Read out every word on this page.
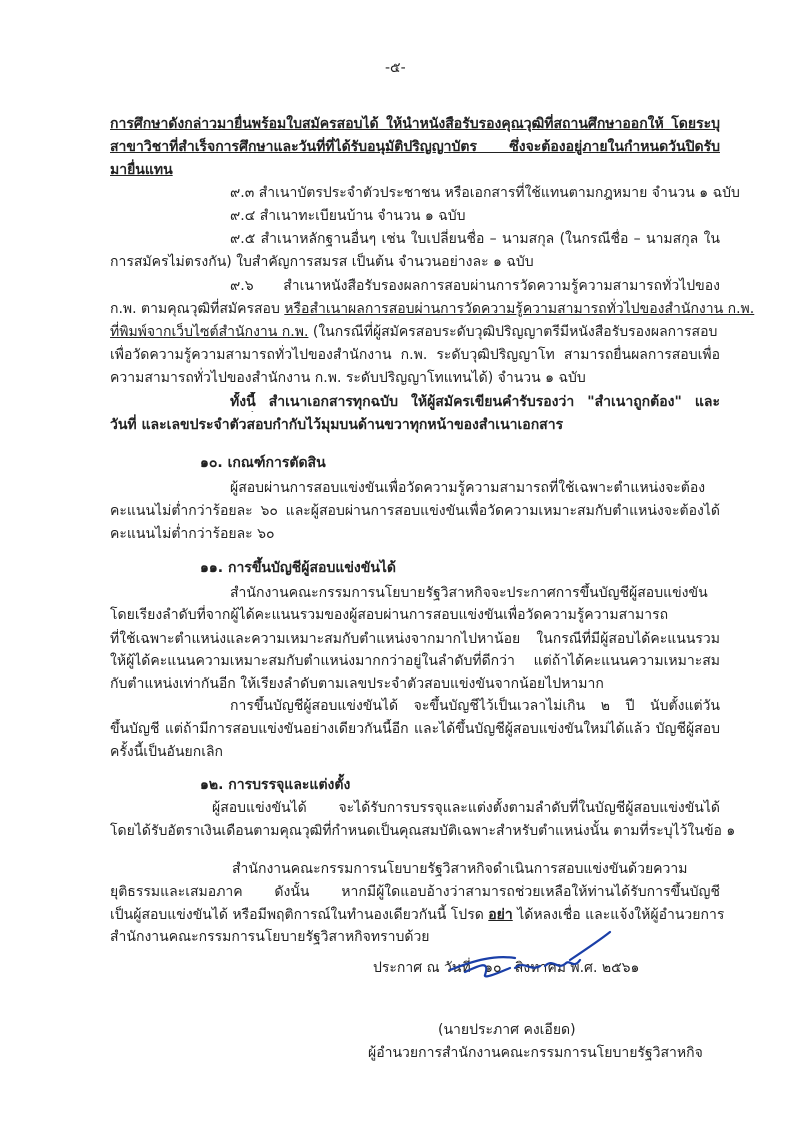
-๕-
การศึกษาดังกล่าวมายื่นพร้อมใบสมัครสอบได้ ให้นำหนังสือรับรองคุณวุฒิที่สถานศึกษาออกให้ โดยระบุ
สาขาวิชาที่สำเร็จการศึกษาและวันที่ที่ได้รับอนุมัติปริญญาบัตร ซึ่งจะต้องอยู่ภายในกำหนดวันปิดรับ
มายื่นแทน
๙.๓ สำเนาบัตรประจำตัวประชาชน หรือเอกสารที่ใช้แทนตามกฎหมาย จำนวน ๑ ฉบับ
๙.๔ สำเนาทะเบียนบ้าน จำนวน ๑ ฉบับ
๙.๕ สำเนาหลักฐานอื่นๆ เช่น ใบเปลี่ยนชื่อ – นามสกุล (ในกรณีชื่อ – นามสกุล ใน
การสมัครไม่ตรงกัน) ใบสำคัญการสมรส เป็นต้น จำนวนอย่างละ ๑ ฉบับ
๙.๖ สำเนาหนังสือรับรองผลการสอบผ่านการวัดความรู้ความสามารถทั่วไปของ
ก.พ. ตามคุณวุฒิที่สมัครสอบ หรือสำเนาผลการสอบผ่านการวัดความรู้ความสามารถทั่วไปของสำนักงาน ก.พ.
ที่พิมพ์จากเว็บไซต์สำนักงาน ก.พ. (ในกรณีที่ผู้สมัครสอบระดับวุฒิปริญญาตรีมีหนังสือรับรองผลการสอบ
เพื่อวัดความรู้ความสามารถทั่วไปของสำนักงาน ก.พ. ระดับวุฒิปริญญาโท สามารถยื่นผลการสอบเพื่อ
ความสามารถทั่วไปของสำนักงาน ก.พ. ระดับปริญญาโทแทนได้) จำนวน ๑ ฉบับ
ทั้งนี้ สำเนาเอกสารทุกฉบับ ให้ผู้สมัครเขียนคำรับรองว่า "สำเนาถูกต้อง" และ
วันที่ และเลขประจำตัวสอบกำกับไว้มุมบนด้านขวาทุกหน้าของสำเนาเอกสาร
๑๐. เกณฑ์การตัดสิน
ผู้สอบผ่านการสอบแข่งขันเพื่อวัดความรู้ความสามารถที่ใช้เฉพาะตำแหน่งจะต้อง
คะแนนไม่ต่ำกว่าร้อยละ ๖๐ และผู้สอบผ่านการสอบแข่งขันเพื่อวัดความเหมาะสมกับตำแหน่งจะต้องได้
คะแนนไม่ต่ำกว่าร้อยละ ๖๐
๑๑. การขึ้นบัญชีผู้สอบแข่งขันได้
สำนักงานคณะกรรมการนโยบายรัฐวิสาหกิจจะประกาศการขึ้นบัญชีผู้สอบแข่งขัน
โดยเรียงลำดับที่จากผู้ได้คะแนนรวมของผู้สอบผ่านการสอบแข่งขันเพื่อวัดความรู้ความสามารถ
ที่ใช้เฉพาะตำแหน่งและความเหมาะสมกับตำแหน่งจากมากไปหาน้อย ในกรณีที่มีผู้สอบได้คะแนนรวม
ให้ผู้ได้คะแนนความเหมาะสมกับตำแหน่งมากกว่าอยู่ในลำดับที่ดีกว่า แต่ถ้าได้คะแนนความเหมาะสม
กับตำแหน่งเท่ากันอีก ให้เรียงลำดับตามเลขประจำตัวสอบแข่งขันจากน้อยไปหามาก
การขึ้นบัญชีผู้สอบแข่งขันได้ จะขึ้นบัญชีไว้เป็นเวลาไม่เกิน ๒ ปี นับตั้งแต่วัน
ขึ้นบัญชี แต่ถ้ามีการสอบแข่งขันอย่างเดียวกันนี้อีก และได้ขึ้นบัญชีผู้สอบแข่งขันใหม่ได้แล้ว บัญชีผู้สอบ
ครั้งนี้เป็นอันยกเลิก
๑๒. การบรรจุและแต่งตั้ง
ผู้สอบแข่งขันได้ จะได้รับการบรรจุและแต่งตั้งตามลำดับที่ในบัญชีผู้สอบแข่งขันได้
โดยได้รับอัตราเงินเดือนตามคุณวุฒิที่กำหนดเป็นคุณสมบัติเฉพาะสำหรับตำแหน่งนั้น ตามที่ระบุไว้ในข้อ ๑
สำนักงานคณะกรรมการนโยบายรัฐวิสาหกิจดำเนินการสอบแข่งขันด้วยความ
ยุติธรรมและเสมอภาค ดังนั้น หากมีผู้ใดแอบอ้างว่าสามารถช่วยเหลือให้ท่านได้รับการขึ้นบัญชี
เป็นผู้สอบแข่งขันได้ หรือมีพฤติการณ์ในทำนองเดียวกันนี้ โปรด อย่า ได้หลงเชื่อ และแจ้งให้ผู้อำนวยการ
สำนักงานคณะกรรมการนโยบายรัฐวิสาหกิจทราบด้วย
ประกาศ ณ วันที่ ๑๐ สิงหาคม พ.ศ. ๒๕๖๑
(นายประภาศ คงเอียด)
ผู้อำนวยการสำนักงานคณะกรรมการนโยบายรัฐวิสาหกิจ
